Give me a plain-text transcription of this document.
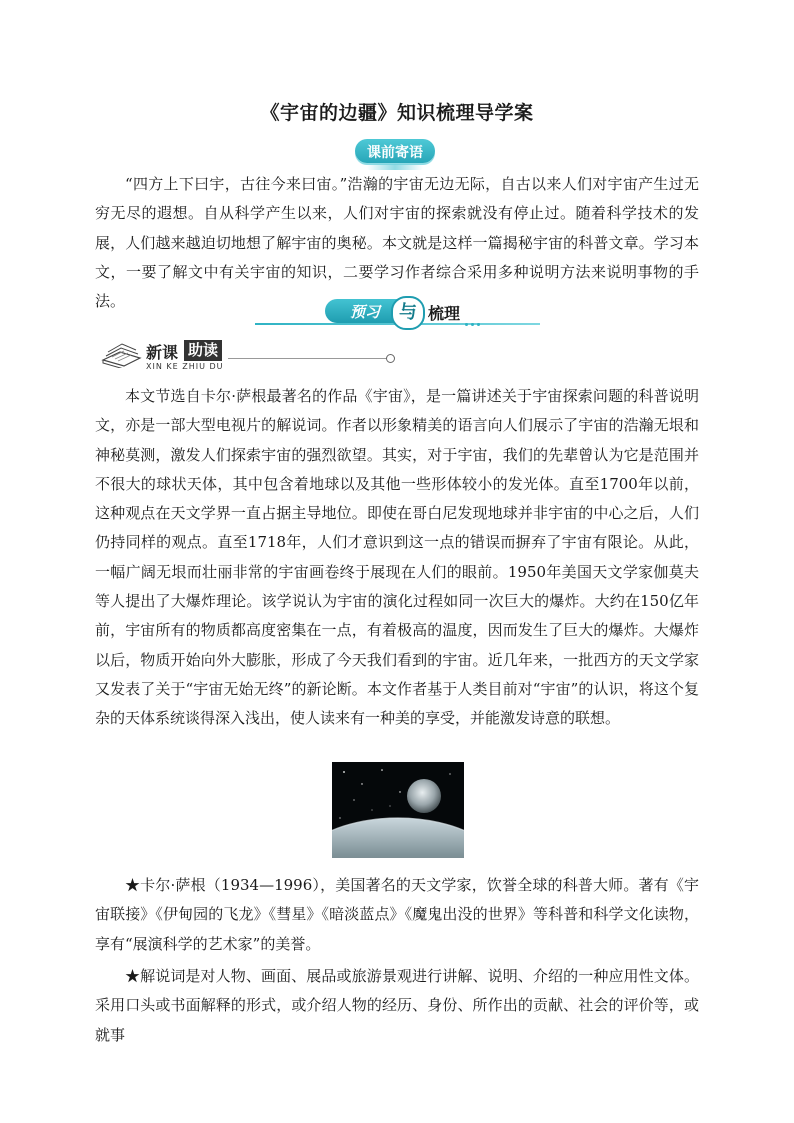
《宇宙的边疆》知识梳理导学案
课前寄语
“四方上下曰宇，古往今来曰宙。”浩瀚的宇宙无边无际，自古以来人们对宇宙产生过无穷无尽的遐想。自从科学产生以来，人们对宇宙的探索就没有停止过。随着科学技术的发展，人们越来越迫切地想了解宇宙的奥秘。本文就是这样一篇揭秘宇宙的科普文章。学习本文，一要了解文中有关宇宙的知识，二要学习作者综合采用多种说明方法来说明事物的手法。
预习	与 梳理
新课 助读
XIN KE ZHIU DU
本文节选自卡尔·萨根最著名的作品《宇宙》，是一篇讲述关于宇宙探索问题的科普说明文，亦是一部大型电视片的解说词。作者以形象精美的语言向人们展示了宇宙的浩瀚无垠和神秘莫测，激发人们探索宇宙的强烈欲望。其实，对于宇宙，我们的先辈曾认为它是范围并不很大的球状天体，其中包含着地球以及其他一些形体较小的发光体。直至1700年以前，这种观点在天文学界一直占据主导地位。即使在哥白尼发现地球并非宇宙的中心之后，人们仍持同样的观点。直至1718年，人们才意识到这一点的错误而摒弃了宇宙有限论。从此，一幅广阔无垠而壮丽非常的宇宙画卷终于展现在人们的眼前。1950年美国天文学家伽莫夫等人提出了大爆炸理论。该学说认为宇宙的演化过程如同一次巨大的爆炸。大约在150亿年前，宇宙所有的物质都高度密集在一点，有着极高的温度，因而发生了巨大的爆炸。大爆炸以后，物质开始向外大膨胀，形成了今天我们看到的宇宙。近几年来，一批西方的天文学家又发表了关于“宇宙无始无终”的新论断。本文作者基于人类目前对“宇宙”的认识，将这个复杂的天体系统谈得深入浅出，使人读来有一种美的享受，并能激发诗意的联想。
★卡尔·萨根（1934—1996），美国著名的天文学家，饮誉全球的科普大师。著有《宇宙联接》《伊甸园的飞龙》《彗星》《暗淡蓝点》《魔鬼出没的世界》等科普和科学文化读物，享有“展演科学的艺术家”的美誉。
★解说词是对人物、画面、展品或旅游景观进行讲解、说明、介绍的一种应用性文体。采用口头或书面解释的形式，或介绍人物的经历、身份、所作出的贡献、社会的评价等，或就事
